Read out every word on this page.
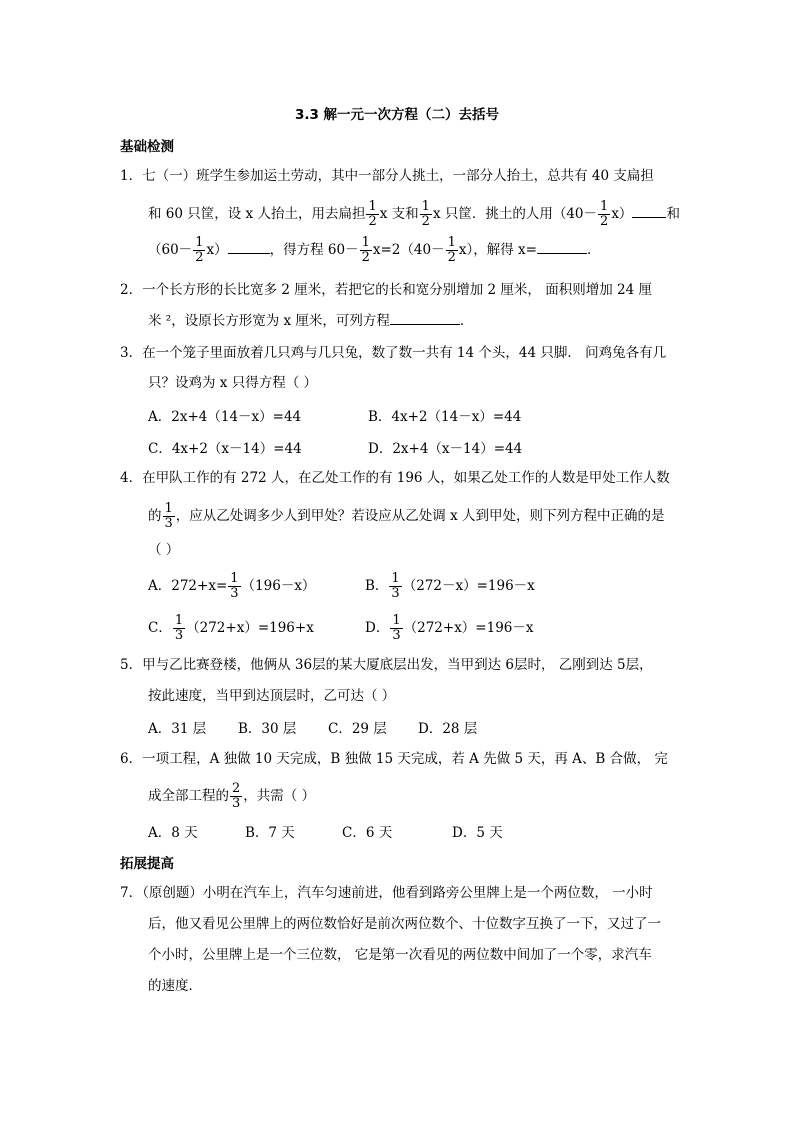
3.3 解一元一次方程（二）去括号
基础检测
1．七（一）班学生参加运土劳动，其中一部分人挑土，一部分人抬土，总共有 40 支扁担
和 60 只筐，设 x 人抬土，用去扁担 $\frac{1}{2}$ x 支和 $\frac{1}{2}$ x 只筐．挑土的人用$(40- \frac{1}{2} x)$	和
$(60- \frac{1}{2} x)$	，得方程 $60- \frac{1}{2} x=2(40- \frac{1}{2} x)$，解得 x=	．
2．一个长方形的长比宽多 2 厘米，若把它的长和宽分别增加 2 厘米， 面积则增加 24 厘
米 ²，设原长方形宽为 x 厘米，可列方程	．
3．在一个笼子里面放着几只鸡与几只兔，数了数一共有 14 个头，44 只脚． 问鸡兔各有几
只？设鸡为 x 只得方程（ ）
A．2x+4（14－x）=44	B．4x+2（14－x）=44
C．4x+2（x－14）=44	D．2x+4（x－14）=44
4．在甲队工作的有 272 人，在乙处工作的有 196 人，如果乙处工作的人数是甲处工作人数
的 $\frac{1}{3}$ ，应从乙处调多少人到甲处？若设应从乙处调 x 人到甲处，则下列方程中正确的是
（ ）
A．$272+x= \frac{1}{3} (196-x)$	B． $\frac{1}{3} (272-x)=196-x$
C． $\frac{1}{3} (272+x)=196+x$	D． $\frac{1}{3} (272+x)=196-x$
5．甲与乙比赛登楼，他俩从 36层的某大厦底层出发，当甲到达 6层时， 乙刚到达 5层，
按此速度，当甲到达顶层时，乙可达（ ）
A．31 层 B．30 层 C．29 层 D．28 层
6．一项工程，A 独做 10 天完成，B 独做 15 天完成，若 A 先做 5 天，再 A、B 合做， 完
成全部工程的 $\frac{2}{3}$ ，共需（ ）
A．8 天	B．7 天	C．6 天	D．5 天
拓展提高
7．（原创题）小明在汽车上，汽车匀速前进，他看到路旁公里牌上是一个两位数， 一小时
后，他又看见公里牌上的两位数恰好是前次两位数个、十位数字互换了一下，又过了一
个小时，公里牌上是一个三位数， 它是第一次看见的两位数中间加了一个零，求汽车
的速度．
